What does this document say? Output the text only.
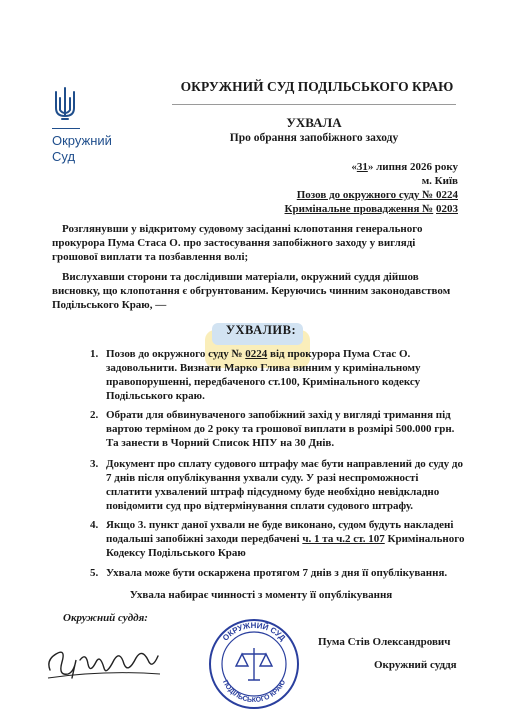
Окружний
Суд
ОКРУЖНИЙ СУД ПОДІЛЬСЬКОГО КРАЮ
УХВАЛА
Про обрання запобіжного заходу
«31» липня 2026 року
м. Київ
Позов до окружного суду № 0224
Кримінальне провадження № 0203
Розглянувши у відкритому судовому засіданні клопотання генерального прокурора Пума Стаса О. про застосування запобіжного заходу у вигляді грошової виплати та позбавлення волі;
Вислухавши сторони та дослідивши матеріали, окружний суддя дійшов висновку, що клопотання є обгрунтованим. Керуючись чинним законодавством Подільського Краю, —
УХВАЛИВ:
1. Позов до окружного суду № 0224 від прокурора Пума Стас О. задовольнити. Визнати Марко Глива винним у кримінальному правопорушенні, передбаченого ст.100, Кримінального кодексу Подільського краю.
2. Обрати для обвинуваченого запобіжний захід у вигляді тримання під вартою терміном до 2 року та грошової виплати в розмірі 500.000 грн. Та занести в Чорний Список НПУ на 30 Днів.
3. Документ про сплату судового штрафу має бути направлений до суду до 7 днів після опублікування ухвали суду. У разі неспроможності сплатити ухвалений штраф підсудному буде необхідно невідкладно повідомити суд про відтермінування сплати судового штрафу.
4. Якщо 3. пункт даної ухвали не буде виконано, судом будуть накладені подальші запобіжні заходи передбачені ч. 1 та ч.2 ст. 107 Кримінального Кодексу Подільського Краю
5. Ухвала може бути оскаржена протягом 7 днів з дня її опублікування.
Ухвала набирає чинності з моменту її опублікування
Окружний суддя:
ОКРУЖНИЙ СУД
ПОДІЛЬСЬКОГО КРАЮ
Пума Стів Олександрович
Окружний суддя
